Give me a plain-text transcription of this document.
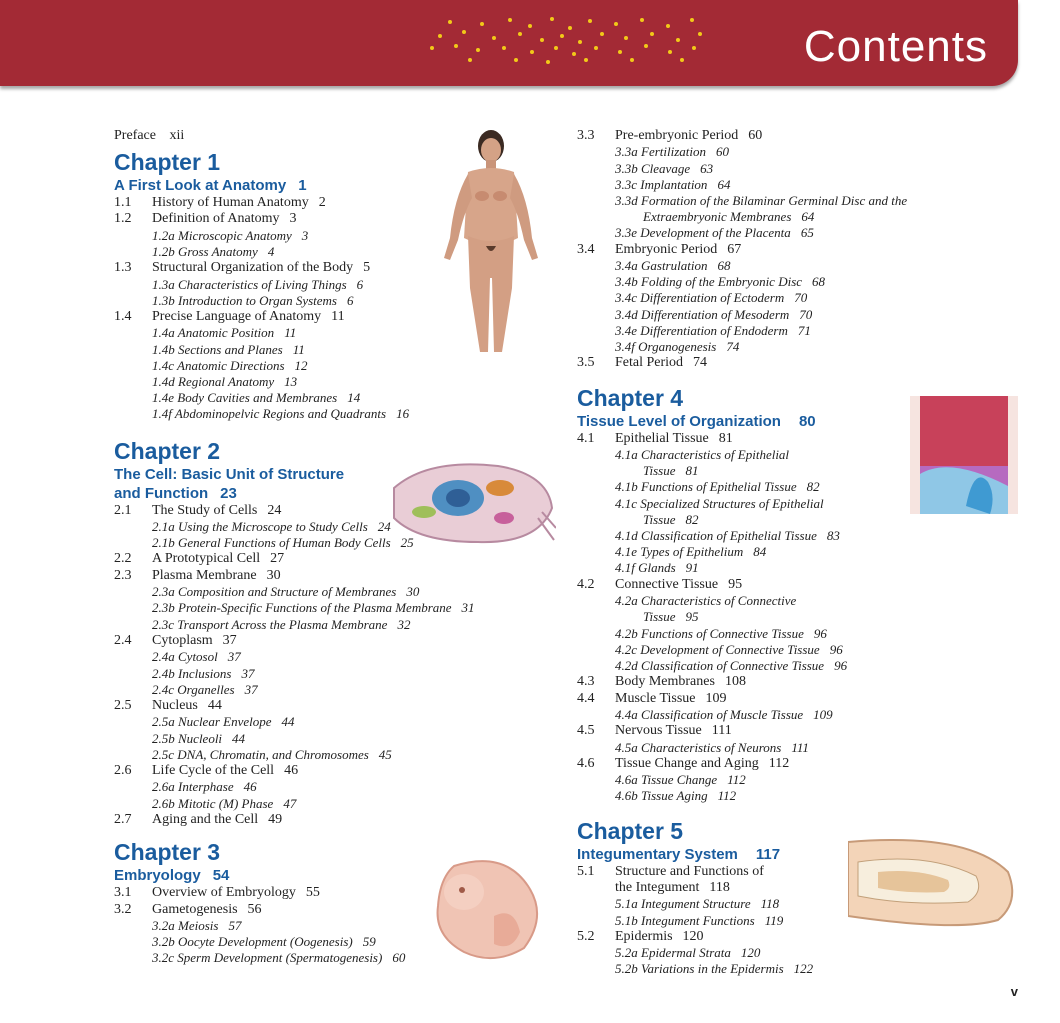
Contents
Preface xii
Chapter 1
A First Look at Anatomy 1
1.1 History of Human Anatomy 2
1.2 Definition of Anatomy 3
1.2a Microscopic Anatomy 3
1.2b Gross Anatomy 4
1.3 Structural Organization of the Body 5
1.3a Characteristics of Living Things 6
1.3b Introduction to Organ Systems 6
1.4 Precise Language of Anatomy 11
1.4a Anatomic Position 11
1.4b Sections and Planes 11
1.4c Anatomic Directions 12
1.4d Regional Anatomy 13
1.4e Body Cavities and Membranes 14
1.4f Abdominopelvic Regions and Quadrants 16
Chapter 2
The Cell: Basic Unit of Structure
and Function 23
2.1 The Study of Cells 24
2.1a Using the Microscope to Study Cells 24
2.1b General Functions of Human Body Cells 25
2.2 A Prototypical Cell 27
2.3 Plasma Membrane 30
2.3a Composition and Structure of Membranes 30
2.3b Protein-Specific Functions of the Plasma Membrane 31
2.3c Transport Across the Plasma Membrane 32
2.4 Cytoplasm 37
2.4a Cytosol 37
2.4b Inclusions 37
2.4c Organelles 37
2.5 Nucleus 44
2.5a Nuclear Envelope 44
2.5b Nucleoli 44
2.5c DNA, Chromatin, and Chromosomes 45
2.6 Life Cycle of the Cell 46
2.6a Interphase 46
2.6b Mitotic (M) Phase 47
2.7 Aging and the Cell 49
Chapter 3
Embryology 54
3.1 Overview of Embryology 55
3.2 Gametogenesis 56
3.2a Meiosis 57
3.2b Oocyte Development (Oogenesis) 59
3.2c Sperm Development (Spermatogenesis) 60
3.3 Pre-embryonic Period 60
3.3a Fertilization 60
3.3b Cleavage 63
3.3c Implantation 64
3.3d Formation of the Bilaminar Germinal Disc and the
Extraembryonic Membranes 64
3.3e Development of the Placenta 65
3.4 Embryonic Period 67
3.4a Gastrulation 68
3.4b Folding of the Embryonic Disc 68
3.4c Differentiation of Ectoderm 70
3.4d Differentiation of Mesoderm 70
3.4e Differentiation of Endoderm 71
3.4f Organogenesis 74
3.5 Fetal Period 74
Chapter 4
Tissue Level of Organization 80
4.1 Epithelial Tissue 81
4.1a Characteristics of Epithelial
Tissue 81
4.1b Functions of Epithelial Tissue 82
4.1c Specialized Structures of Epithelial
Tissue 82
4.1d Classification of Epithelial Tissue 83
4.1e Types of Epithelium 84
4.1f Glands 91
4.2 Connective Tissue 95
4.2a Characteristics of Connective
Tissue 95
4.2b Functions of Connective Tissue 96
4.2c Development of Connective Tissue 96
4.2d Classification of Connective Tissue 96
4.3 Body Membranes 108
4.4 Muscle Tissue 109
4.4a Classification of Muscle Tissue 109
4.5 Nervous Tissue 111
4.5a Characteristics of Neurons 111
4.6 Tissue Change and Aging 112
4.6a Tissue Change 112
4.6b Tissue Aging 112
Chapter 5
Integumentary System 117
5.1 Structure and Functions of
the Integument 118
5.1a Integument Structure 118
5.1b Integument Functions 119
5.2 Epidermis 120
5.2a Epidermal Strata 120
5.2b Variations in the Epidermis 122
v
